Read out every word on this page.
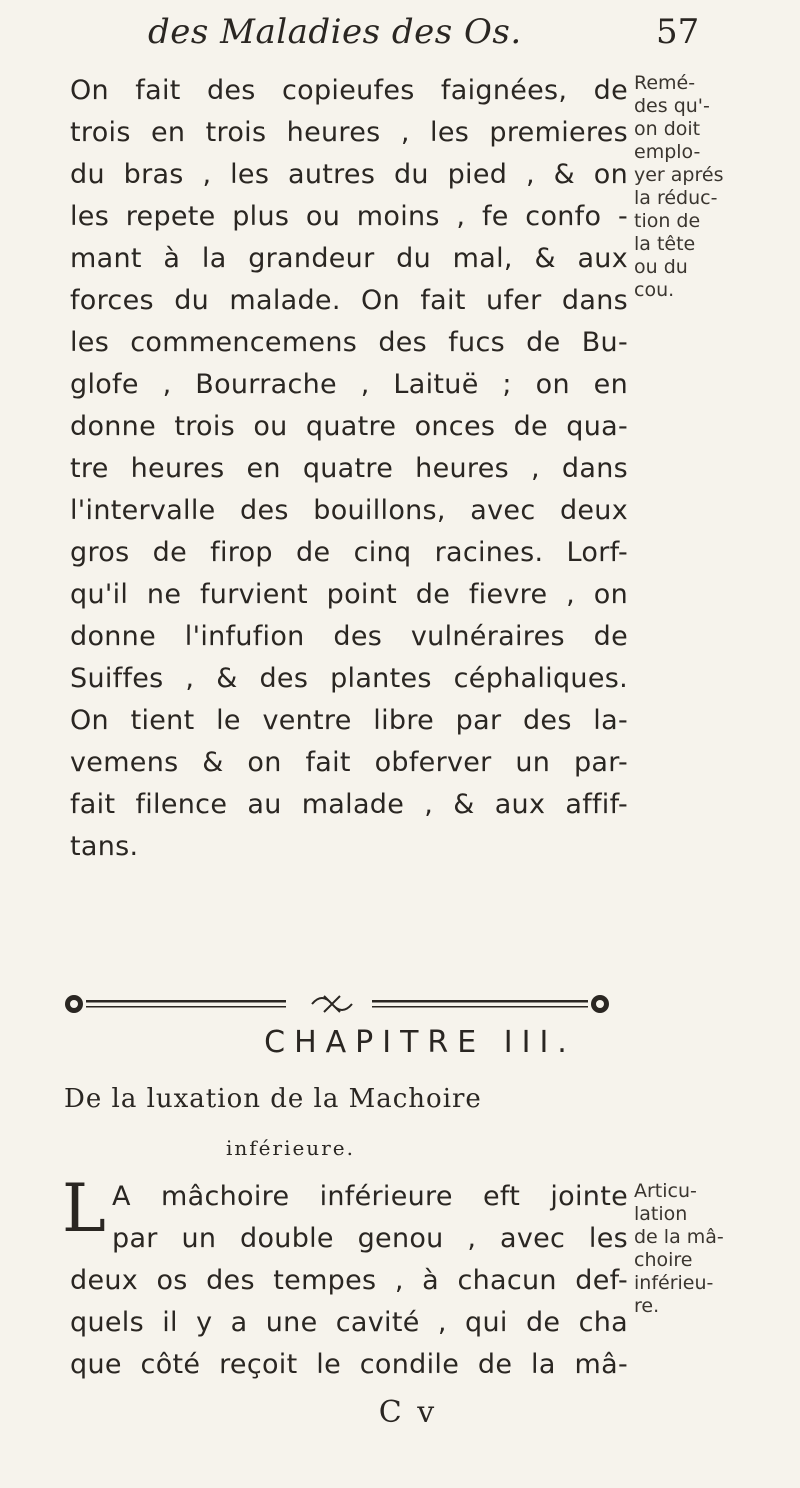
des Maladies des Os.	57
On fait des copieufes faignées, de
trois en trois heures , les premieres
du bras , les autres du pied , & on
les repete plus ou moins , fe confo -
mant à la grandeur du mal, & aux
forces du malade. On fait ufer dans
les commencemens des fucs de Bu-
glofe , Bourrache , Laituë ; on en
donne trois ou quatre onces de qua-
tre heures en quatre heures , dans
l'intervalle des bouillons, avec deux
gros de firop de cinq racines. Lorf-
qu'il ne furvient point de fievre , on
donne l'infufion des vulnéraires de
Suiffes , & des plantes céphaliques.
On tient le ventre libre par des la-
vemens & on fait obferver un par-
fait filence au malade , & aux affif-
tans.
Remé-
des qu'-
on doit
emplo-
yer aprés
la réduc-
tion de
la tête
ou du
cou.
CHAPITRE III.
De la luxation de la Machoire
inférieure.
L A mâchoire inférieure eft jointe
par un double genou , avec les
deux os des tempes , à chacun def-
quels il y a une cavité , qui de cha
que côté reçoit le condile de la mâ-
Articu-
lation
de la mâ-
choire
inférieu-
re.
C v
